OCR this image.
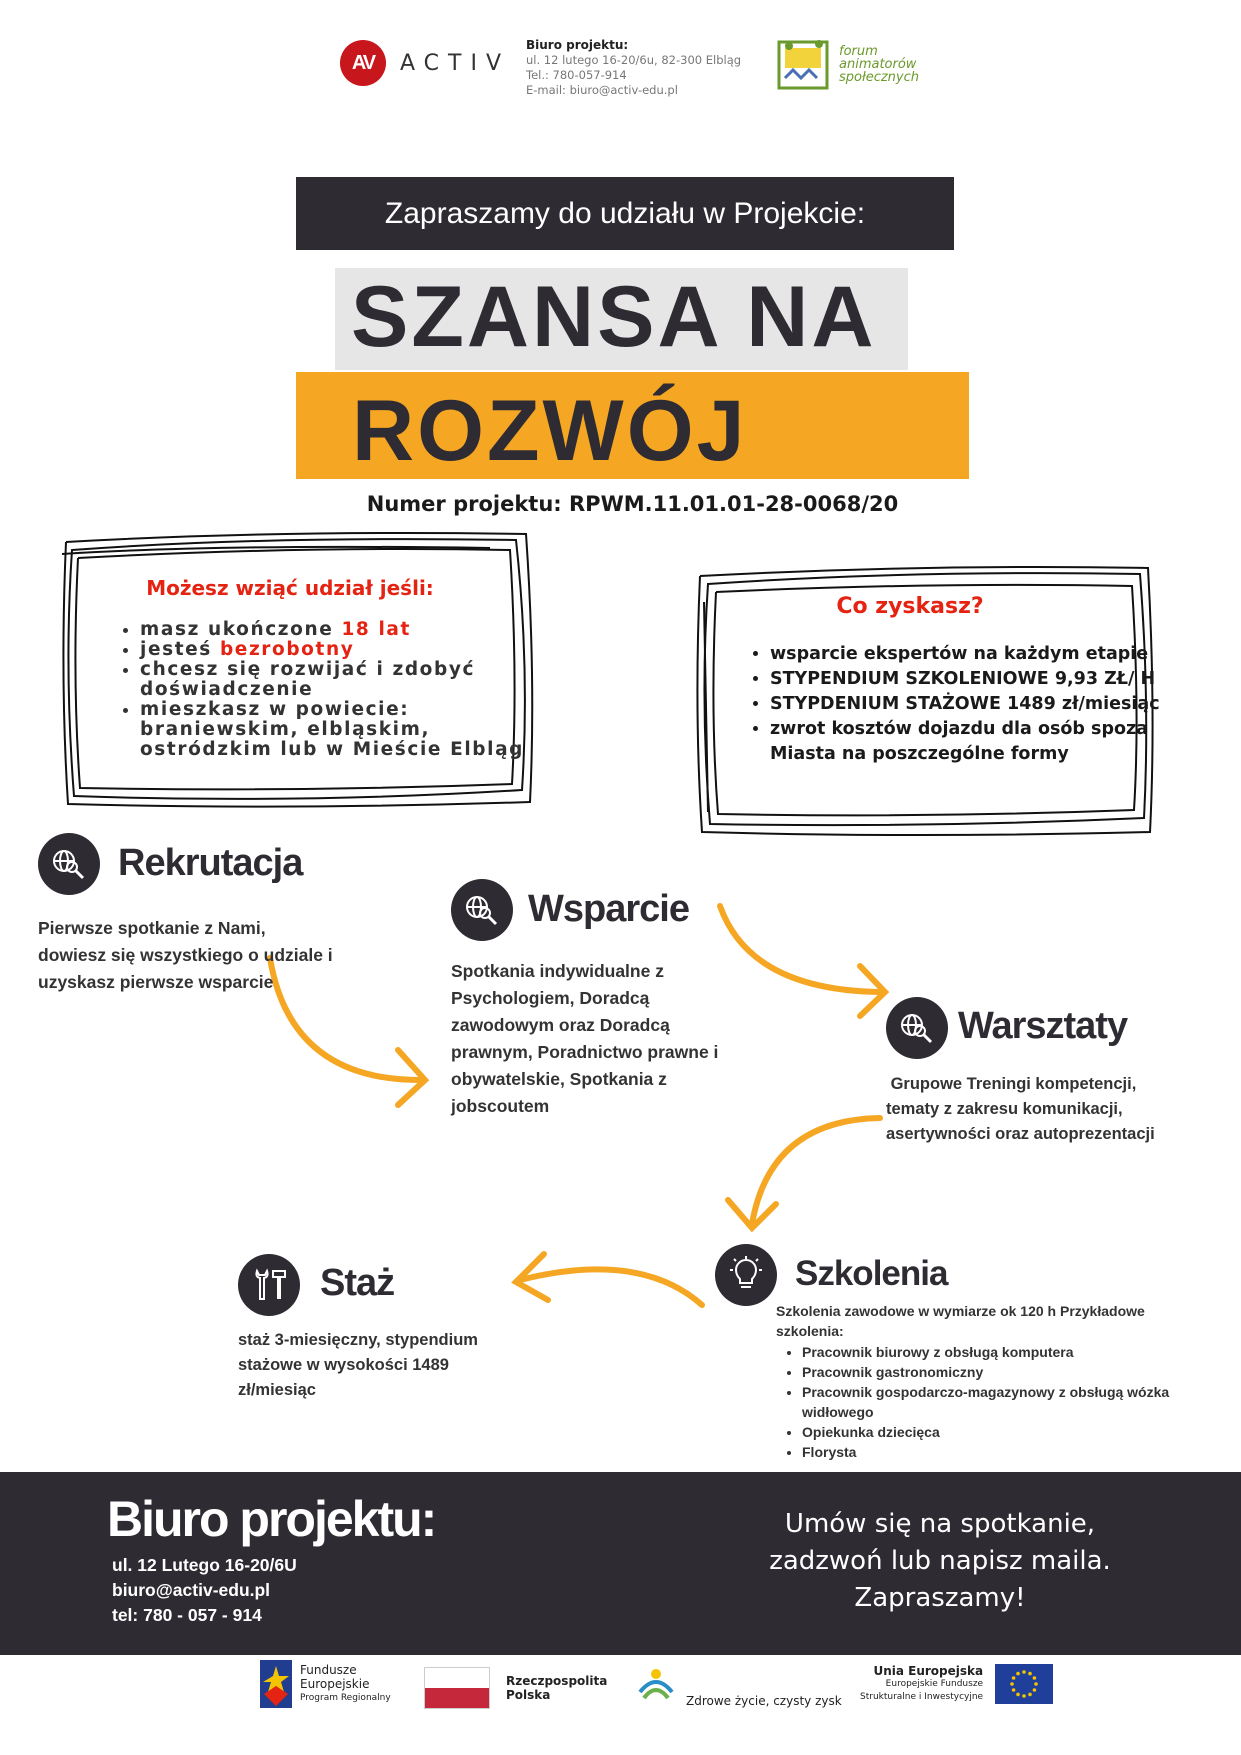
AV	ACTIV
Biuro projektu:
ul. 12 lutego 16-20/6u, 82-300 Elbląg
Tel.: 780-057-914
E-mail: biuro@activ-edu.pl
forum
animatorów
społecznych
Zapraszamy do udziału w Projekcie:
SZANSA NA
ROZWÓJ
Numer projektu: RPWM.11.01.01-28-0068/20
Możesz wziąć udział jeśli:
• masz ukończone 18 lat
• jesteś bezrobotny
• chcesz się rozwijać i zdobyć doświadczenie
• mieszkasz w powiecie: braniewskim, elbląskim, ostródzkim lub w Mieście Elbląg
Co zyskasz?
• wsparcie ekspertów na każdym etapie
• STYPENDIUM SZKOLENIOWE 9,93 ZŁ/ H
• STYPDENIUM STAŻOWE 1489 zł/miesiąc
• zwrot kosztów dojazdu dla osób spoza Miasta na poszczególne formy
Rekrutacja
Pierwsze spotkanie z Nami, dowiesz się wszystkiego o udziale i uzyskasz pierwsze wsparcie
Wsparcie
Spotkania indywidualne z Psychologiem, Doradcą zawodowym oraz Doradcą prawnym, Poradnictwo prawne i obywatelskie, Spotkania z jobscoutem
Warsztaty
Grupowe Treningi kompetencji, tematy z zakresu komunikacji, asertywności oraz autoprezentacji
Szkolenia
Szkolenia zawodowe w wymiarze ok 120 h Przykładowe szkolenia:
• Pracownik biurowy z obsługą komputera
• Pracownik gastronomiczny
• Pracownik gospodarczo-magazynowy z obsługą wózka widłowego
• Opiekunka dziecięca
• Florysta
Staż
staż 3-miesięczny, stypendium stażowe w wysokości 1489 zł/miesiąc
Biuro projektu:
ul. 12 Lutego 16-20/6U
biuro@activ-edu.pl
tel: 780 - 057 - 914
Umów się na spotkanie,
zadzwoń lub napisz maila.
Zapraszamy!
Fundusze
Europejskie
Program Regionalny
Rzeczpospolita
Polska	Zdrowe życie, czysty zysk
Unia Europejska
Europejskie Fundusze
Strukturalne i Inwestycyjne
